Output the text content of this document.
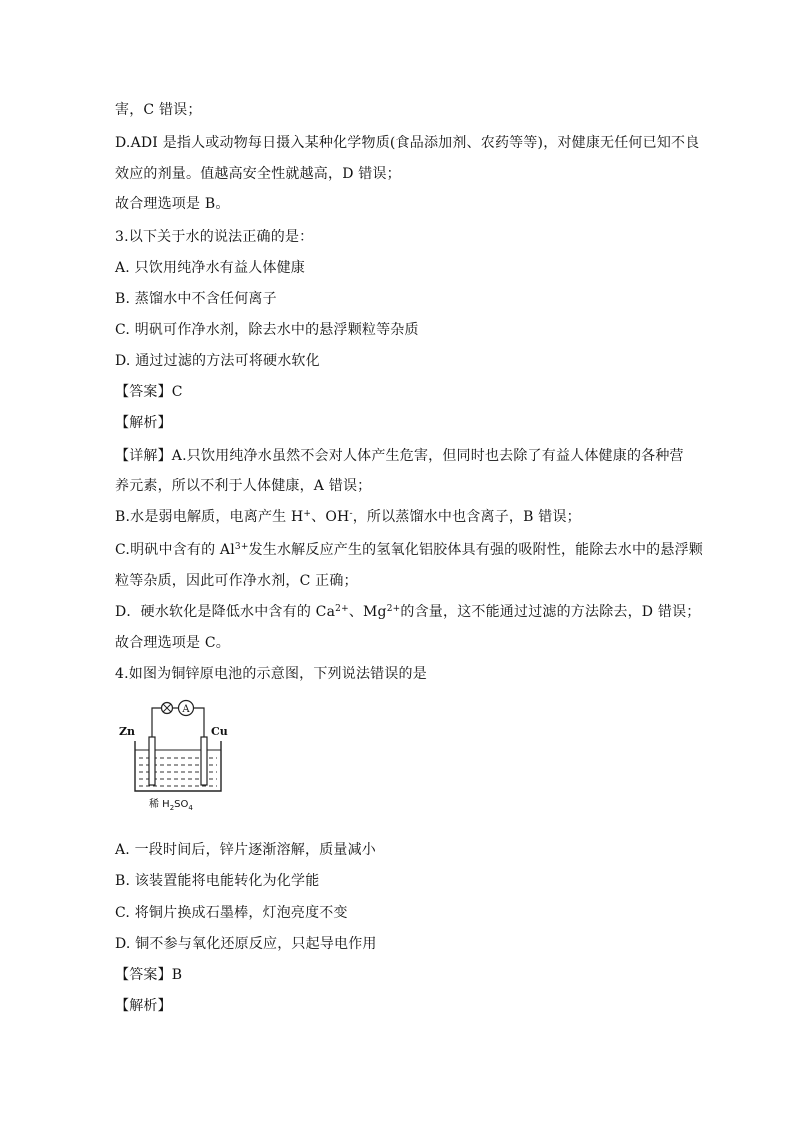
害，C 错误；
D.ADI 是指人或动物每日摄入某种化学物质(食品添加剂、农药等等)，对健康无任何已知不良
效应的剂量。值越高安全性就越高，D 错误；
故合理选项是 B。
3.以下关于水的说法正确的是：
A. 只饮用纯净水有益人体健康
B. 蒸馏水中不含任何离子
C. 明矾可作净水剂，除去水中的悬浮颗粒等杂质
D. 通过过滤的方法可将硬水软化
【答案】C
【解析】
【详解】A.只饮用纯净水虽然不会对人体产生危害，但同时也去除了有益人体健康的各种营
养元素，所以不利于人体健康，A 错误；
B.水是弱电解质，电离产生 H+、OH-，所以蒸馏水中也含离子，B 错误；
C.明矾中含有的 $Al^{3+}$发生水解反应产生的氢氧化铝胶体具有强的吸附性，能除去水中的悬浮颗
粒等杂质，因此可作净水剂，C 正确；
D．硬水软化是降低水中含有的 $Ca^{2+}$、$Mg^{2+}$的含量，这不能通过过滤的方法除去，D 错误；
故合理选项是 C。
4.如图为铜锌原电池的示意图，下列说法错误的是
A
Zn	Cu
稀 $H_2SO_4$
A. 一段时间后，锌片逐渐溶解，质量减小
B. 该装置能将电能转化为化学能
C. 将铜片换成石墨棒，灯泡亮度不变
D. 铜不参与氧化还原反应，只起导电作用
【答案】B
【解析】
